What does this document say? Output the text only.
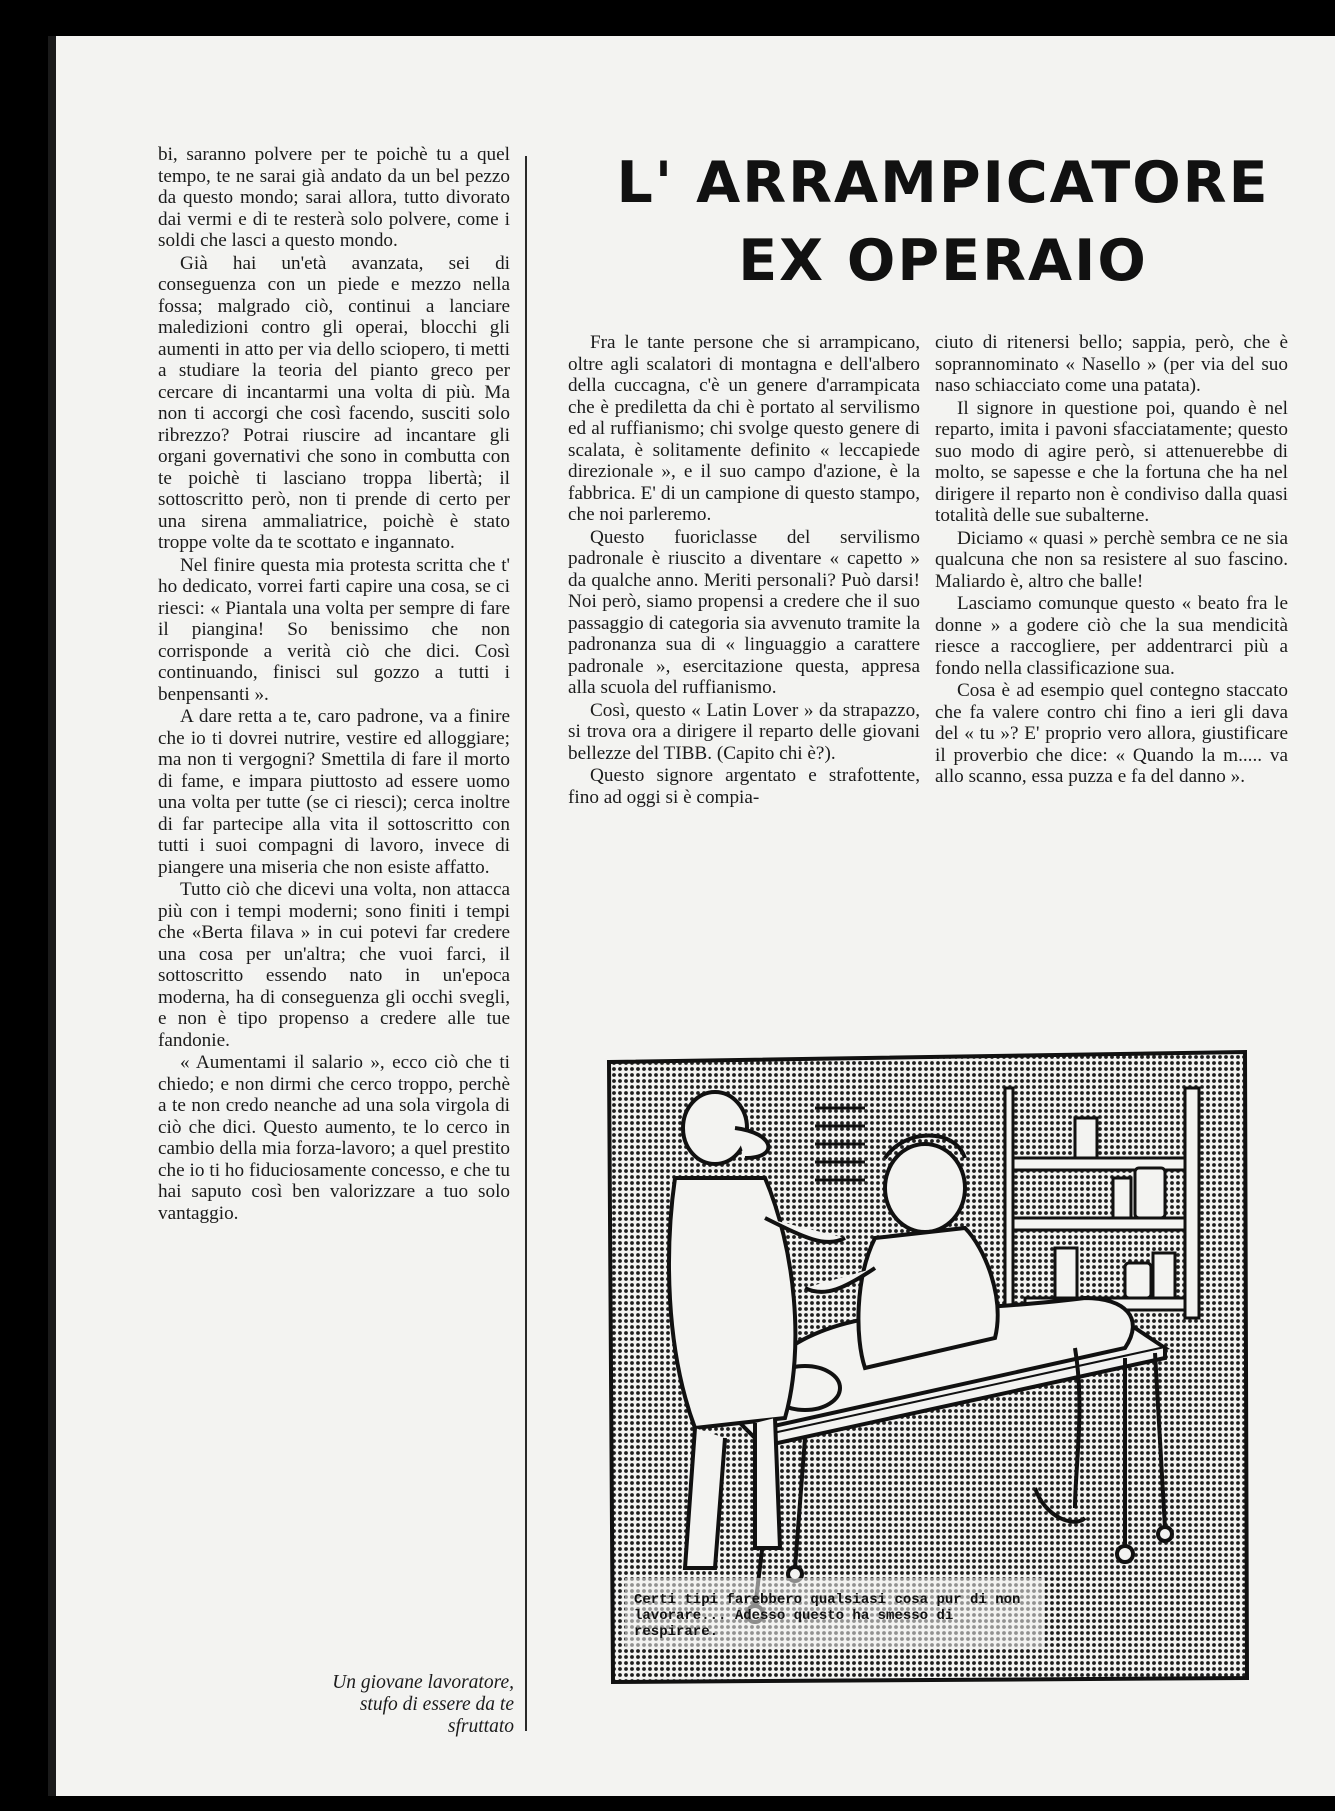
bi, saranno polvere per te poichè tu a quel tempo, te ne sarai già andato da un bel pezzo da questo mondo; sarai allora, tutto divorato dai vermi e di te resterà solo polvere, come i soldi che lasci a questo mondo.

Già hai un'età avanzata, sei di conseguenza con un piede e mezzo nella fossa; malgrado ciò, continui a lanciare maledizioni contro gli operai, blocchi gli aumenti in atto per via dello sciopero, ti metti a studiare la teoria del pianto greco per cercare di incantarmi una volta di più. Ma non ti accorgi che così facendo, susciti solo ribrezzo? Potrai riuscire ad incantare gli organi governativi che sono in combutta con te poichè ti lasciano troppa libertà; il sottoscritto però, non ti prende di certo per una sirena ammaliatrice, poichè è stato troppe volte da te scottato e ingannato.

Nel finire questa mia protesta scritta che t' ho dedicato, vorrei farti capire una cosa, se ci riesci: « Piantala una volta per sempre di fare il piangina! So benissimo che non corrisponde a verità ciò che dici. Così continuando, finisci sul gozzo a tutti i benpensanti ».

A dare retta a te, caro padrone, va a finire che io ti dovrei nutrire, vestire ed alloggiare; ma non ti vergogni? Smettila di fare il morto di fame, e impara piuttosto ad essere uomo una volta per tutte (se ci riesci); cerca inoltre di far partecipe alla vita il sottoscritto con tutti i suoi compagni di lavoro, invece di piangere una miseria che non esiste affatto.

Tutto ciò che dicevi una volta, non attacca più con i tempi moderni; sono finiti i tempi che «Berta filava » in cui potevi far credere una cosa per un'altra; che vuoi farci, il sottoscritto essendo nato in un'epoca moderna, ha di conseguenza gli occhi svegli, e non è tipo propenso a credere alle tue fandonie.

« Aumentami il salario », ecco ciò che ti chiedo; e non dirmi che cerco troppo, perchè a te non credo neanche ad una sola virgola di ciò che dici. Questo aumento, te lo cerco in cambio della mia forza-lavoro; a quel prestito che io ti ho fiduciosamente concesso, e che tu hai saputo così ben valorizzare a tuo solo vantaggio.

Un giovane lavoratore,
stufo di essere da te
sfruttato

L' ARRAMPICATORE
EX OPERAIO

Fra le tante persone che si arrampicano, oltre agli scalatori di montagna e dell'albero della cuccagna, c'è un genere d'arrampicata che è prediletta da chi è portato al servilismo ed al ruffianismo; chi svolge questo genere di scalata, è solitamente definito « leccapiede direzionale », e il suo campo d'azione, è la fabbrica. E' di un campione di questo stampo, che noi parleremo.

Questo fuoriclasse del servilismo padronale è riuscito a diventare « capetto » da qualche anno. Meriti personali? Può darsi! Noi però, siamo propensi a credere che il suo passaggio di categoria sia avvenuto tramite la padronanza sua di « linguaggio a carattere padronale », esercitazione questa, appresa alla scuola del ruffianismo.

Così, questo « Latin Lover » da strapazzo, si trova ora a dirigere il reparto delle giovani bellezze del TIBB. (Capito chi è?).

Questo signore argentato e strafottente, fino ad oggi si è compia-

ciuto di ritenersi bello; sappia, però, che è soprannominato « Nasello » (per via del suo naso schiacciato come una patata).

Il signore in questione poi, quando è nel reparto, imita i pavoni sfacciatamente; questo suo modo di agire però, si attenuerebbe di molto, se sapesse e che la fortuna che ha nel dirigere il reparto non è condiviso dalla quasi totalità delle sue subalterne.

Diciamo « quasi » perchè sembra ce ne sia qualcuna che non sa resistere al suo fascino. Maliardo è, altro che balle!

Lasciamo comunque questo « beato fra le donne » a godere ciò che la sua mendicità riesce a raccogliere, per addentrarci più a fondo nella classificazione sua.

Cosa è ad esempio quel contegno staccato che fa valere contro chi fino a ieri gli dava del « tu »? E' proprio vero allora, giustificare il proverbio che dice: « Quando la m..... va allo scanno, essa puzza e fa del danno ».

Certi tipi farebbero qualsiasi cosa pur di non lavorare... Adesso questo ha smesso di respirare.
